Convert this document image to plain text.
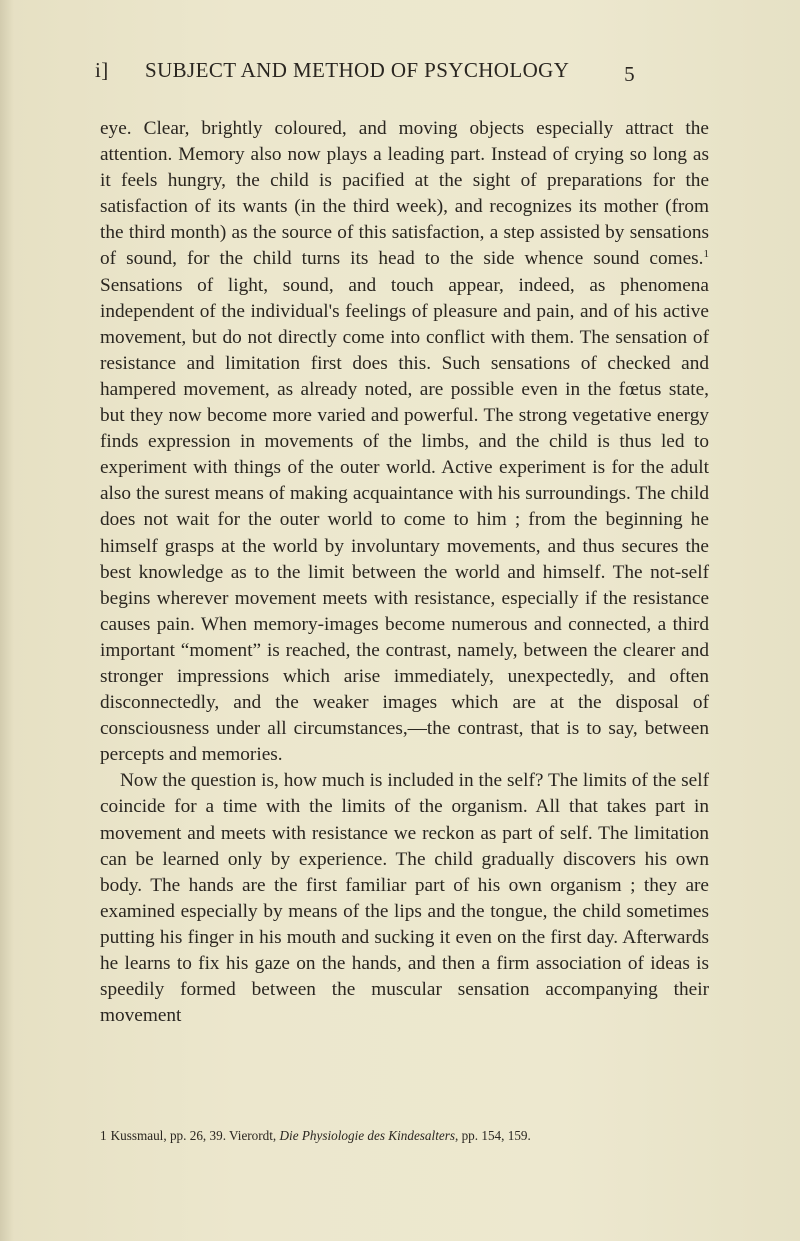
i] SUBJECT AND METHOD OF PSYCHOLOGY	5

eye. Clear, brightly coloured, and moving objects especially attract the attention. Memory also now plays a leading part. Instead of crying so long as it feels hungry, the child is pacified at the sight of preparations for the satisfaction of its wants (in the third week), and recognizes its mother (from the third month) as the source of this satisfaction, a step assisted by sensations of sound, for the child turns its head to the side whence sound comes.$^1$ Sensations of light, sound, and touch appear, indeed, as phenomena independent of the individual's feelings of pleasure and pain, and of his active movement, but do not directly come into conflict with them. The sensation of resistance and limitation first does this. Such sensations of checked and hampered movement, as already noted, are possible even in the fœtus state, but they now become more varied and powerful. The strong vegetative energy finds expression in movements of the limbs, and the child is thus led to experiment with things of the outer world. Active experiment is for the adult also the surest means of making acquaintance with his surroundings. The child does not wait for the outer world to come to him ; from the beginning he himself grasps at the world by involuntary movements, and thus secures the best knowledge as to the limit between the world and himself. The not-self begins wherever movement meets with resistance, especially if the resistance causes pain. When memory-images become numerous and connected, a third important “moment” is reached, the contrast, namely, between the clearer and stronger impressions which arise immediately, unexpectedly, and often disconnectedly, and the weaker images which are at the disposal of consciousness under all circumstances,—the contrast, that is to say, between percepts and memories.

Now the question is, how much is included in the self? The limits of the self coincide for a time with the limits of the organism. All that takes part in movement and meets with resistance we reckon as part of self. The limitation can be learned only by experience. The child gradually discovers his own body. The hands are the first familiar part of his own organism ; they are examined especially by means of the lips and the tongue, the child sometimes putting his finger in his mouth and sucking it even on the first day. Afterwards he learns to fix his gaze on the hands, and then a firm association of ideas is speedily formed between the muscular sensation accompanying their movement

1 Kussmaul, pp. 26, 39. Vierordt, Die Physiologie des Kindesalters, pp. 154, 159.
